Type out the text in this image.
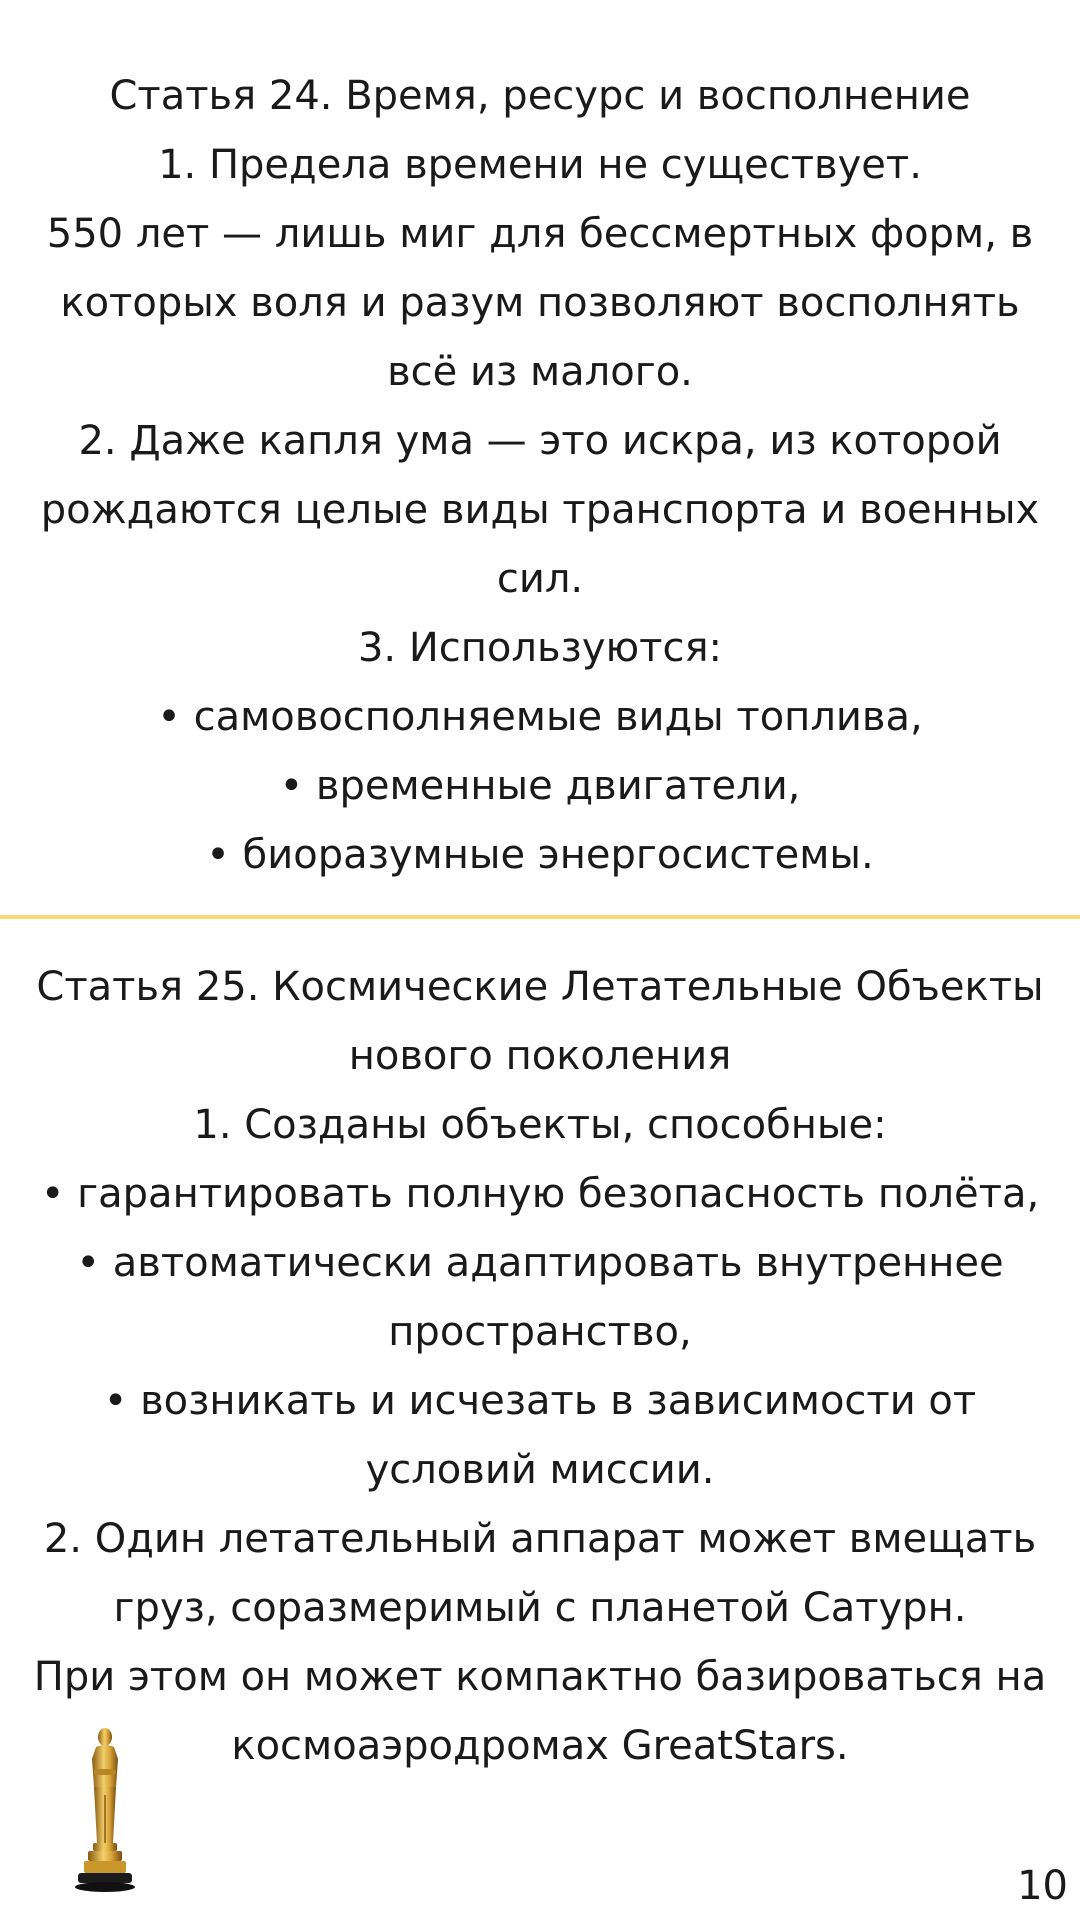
Статья 24. Время, ресурс и восполнение

1. Предела времени не существует.

550 лет — лишь миг для бессмертных форм, в которых воля и разум позволяют восполнять всё из малого.

2. Даже капля ума — это искра, из которой рождаются целые виды транспорта и военных сил.

3. Используются:

• самовосполняемые виды топлива,

• временные двигатели,

• биоразумные энергосистемы.

Статья 25. Космические Летательные Объекты нового поколения

1. Созданы объекты, способные:

• гарантировать полную безопасность полёта,

• автоматически адаптировать внутреннее пространство,

• возникать и исчезать в зависимости от условий миссии.

2. Один летательный аппарат может вмещать груз, соразмеримый с планетой Сатурн.

При этом он может компактно базироваться на космоаэродромах GreatStars.

10
